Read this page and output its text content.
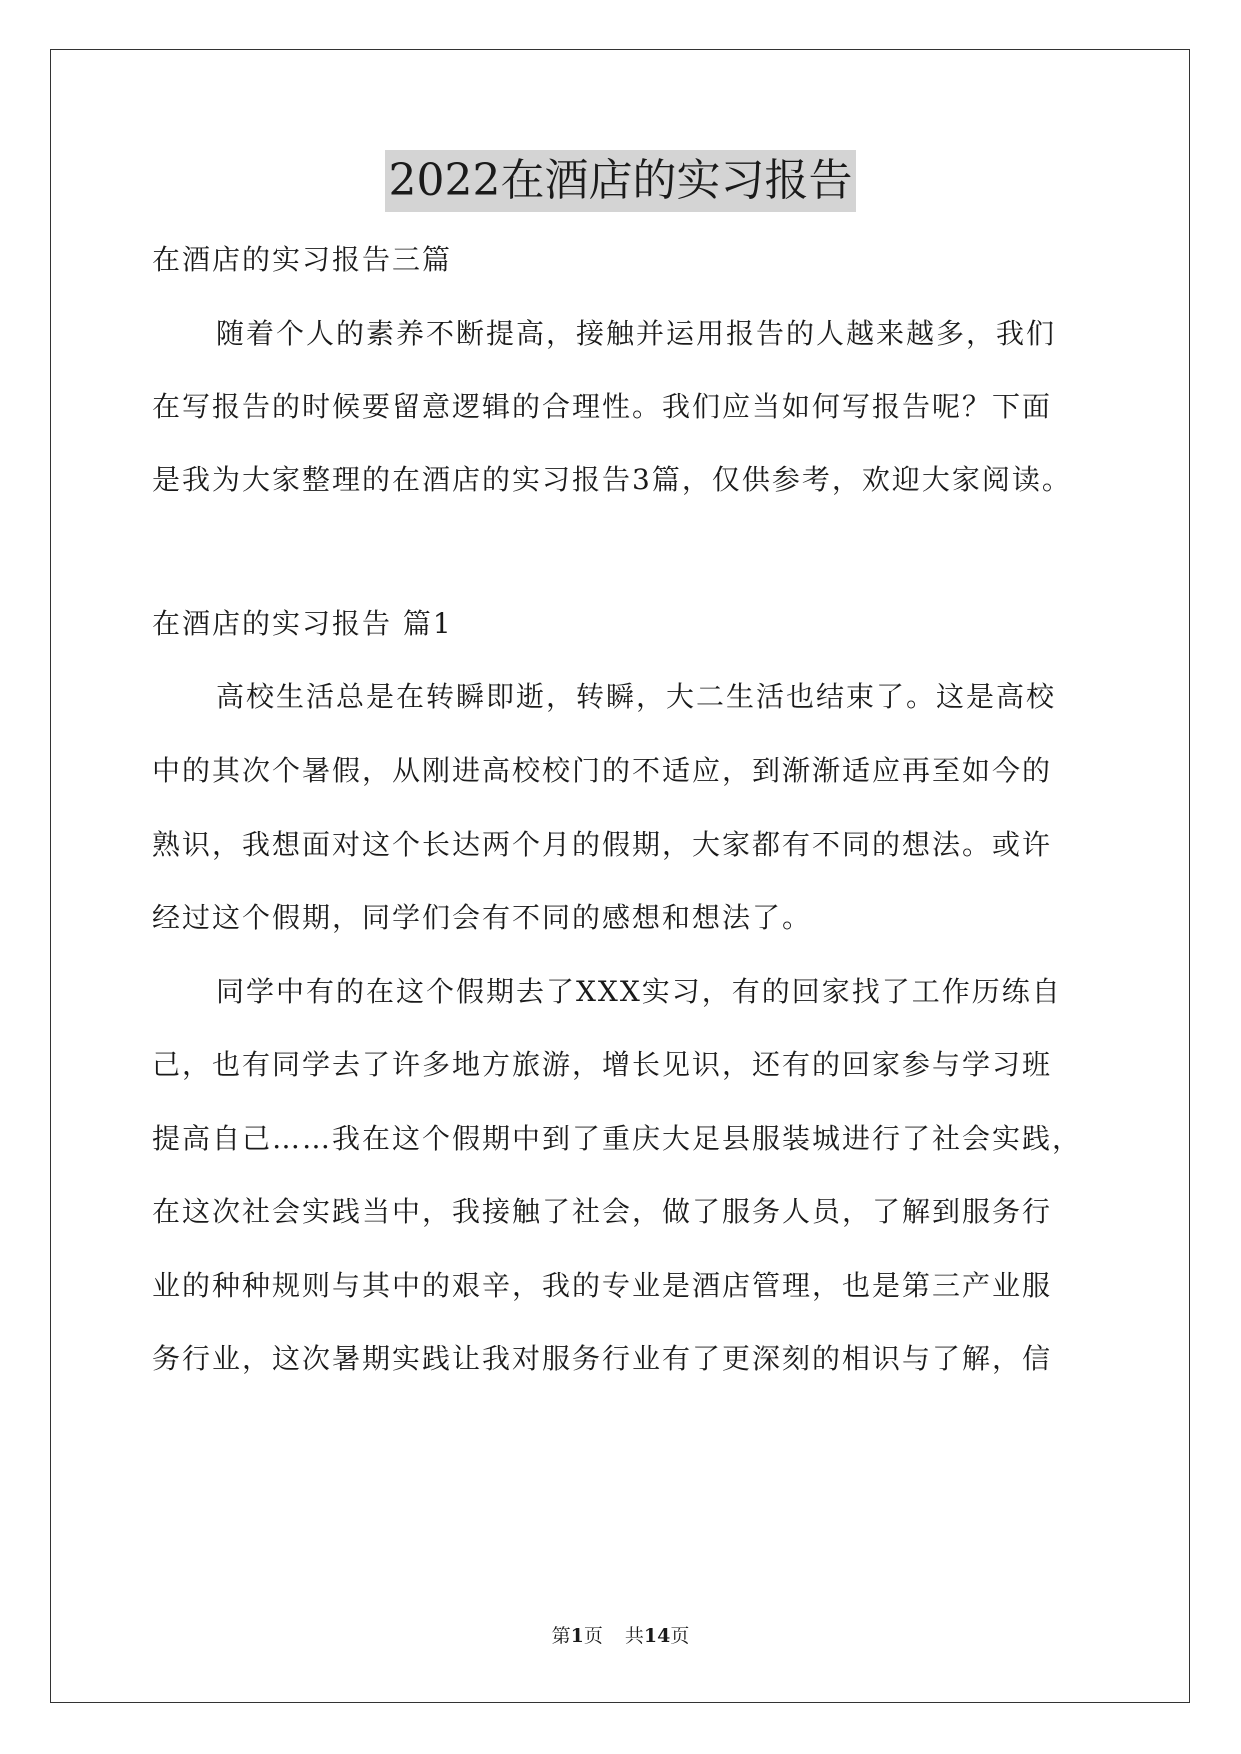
2022在酒店的实习报告
在酒店的实习报告三篇
随着个人的素养不断提高，接触并运用报告的人越来越多，我们
在写报告的时候要留意逻辑的合理性。我们应当如何写报告呢？下面
是我为大家整理的在酒店的实习报告3篇，仅供参考，欢迎大家阅读。
在酒店的实习报告 篇1
高校生活总是在转瞬即逝，转瞬，大二生活也结束了。这是高校
中的其次个暑假，从刚进高校校门的不适应，到渐渐适应再至如今的
熟识，我想面对这个长达两个月的假期，大家都有不同的想法。或许
经过这个假期，同学们会有不同的感想和想法了。
同学中有的在这个假期去了XXX实习，有的回家找了工作历练自
己，也有同学去了许多地方旅游，增长见识，还有的回家参与学习班
提高自己……我在这个假期中到了重庆大足县服装城进行了社会实践，
在这次社会实践当中，我接触了社会，做了服务人员，了解到服务行
业的种种规则与其中的艰辛，我的专业是酒店管理，也是第三产业服
务行业，这次暑期实践让我对服务行业有了更深刻的相识与了解，信
第1页 共14页
